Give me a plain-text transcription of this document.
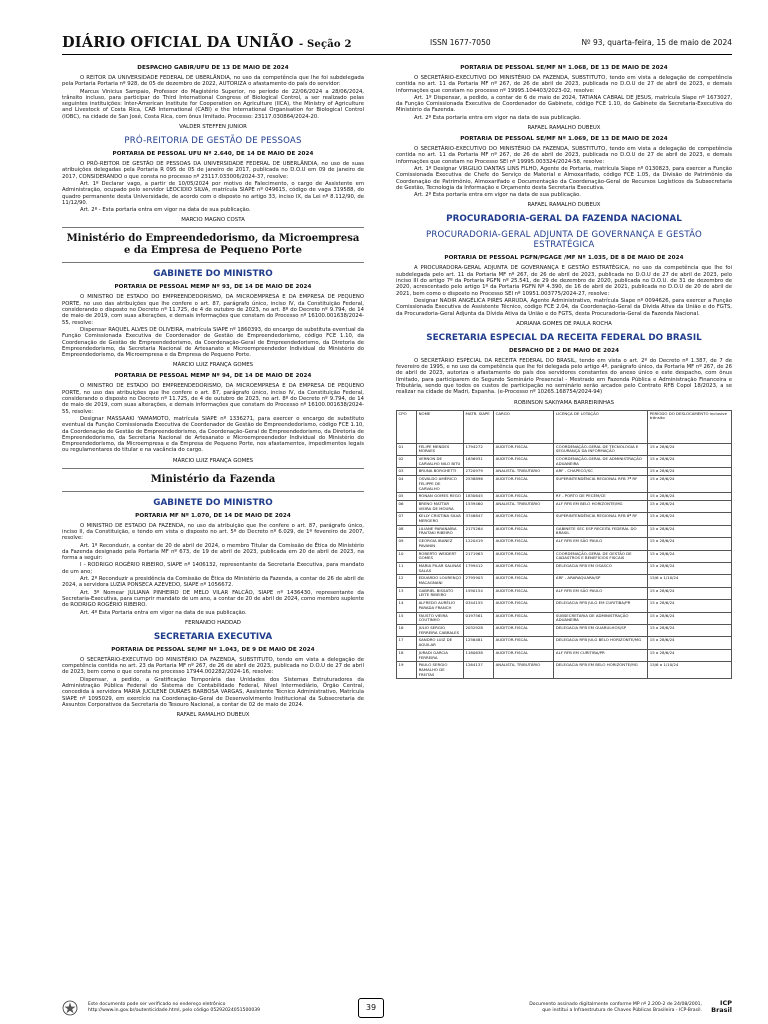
DIÁRIO OFICIAL DA UNIÃO - Seção 2	ISSN 1677-7050	Nº 93, quarta-feira, 15 de maio de 2024
DESPACHO GABIR/UFU DE 13 DE MAIO DE 2024

O REITOR DA UNIVERSIDADE FEDERAL DE UBERLÂNDIA, no uso da competência que lhe foi subdelegada pela Portaria Portaria nº 928, de 05 de dezembro de 2022, AUTORIZA o afastamento do país do servidor:

Marcus Vinicius Sampaio, Professor do Magistério Superior, no período de 22/06/2024 a 28/06/2024, trânsito incluso, para participar do Third International Congress of Biological Control, a ser realizado pelas seguintes instituições: Inter-American Institute for Cooperation on Agriculture (IICA), the Ministry of Agriculture and Livestock of Costa Rica, CAB International (CABI) e the International Organisation for Biological Control (IOBC), na cidade de San José, Costa Rica, com ônus limitado. Processo: 23117.030864/2024-20.

VALDER STEFFEN JUNIOR
PRÓ-REITORIA DE GESTÃO DE PESSOAS
PORTARIA DE PESSOAL UFU Nº 2.640, DE 14 DE MAIO DE 2024

O PRÓ-REITOR DE GESTÃO DE PESSOAS DA UNIVERSIDADE FEDERAL DE UBERLÂNDIA, no uso de suas atribuições delegadas pela Portaria R 095 de 05 de janeiro de 2017, publicada no D.O.U em 09 de janeiro de 2017, CONSIDERANDO o que consta no processo nº 23117.033006/2024-37, resolve:

Art. 1º Declarar vago, a partir de 10/05/2024 por motivo de Falecimento, o cargo de Assistente em Administração, ocupado pelo servidor LEOCIDIO SILVA, matrícula SIAPE nº 049615, código de vaga 319588, do quadro permanente desta Universidade, de acordo com o disposto no artigo 33, inciso IX, da Lei nº 8.112/90, de 11/12/90.

Art. 2º - Esta portaria entra em vigor na data de sua publicação.

MARCIO MAGNO COSTA
Ministério do Empreendedorismo, da Microempresa e da Empresa de Pequeno Porte
GABINETE DO MINISTRO
PORTARIA DE PESSOAL MEMP Nº 93, DE 14 DE MAIO DE 2024

O MINISTRO DE ESTADO DO EMPREENDEDORISMO, DA MICROEMPRESA E DA EMPRESA DE PEQUENO PORTE, no uso das atribuições que lhe confere o art. 87, parágrafo único, inciso IV, da Constituição Federal, considerando o disposto no Decreto nº 11.725, de 4 de outubro de 2023, no art. 8º do Decreto nº 9.794, de 14 de maio de 2019, com suas alterações, e demais informações que constam do Processo nº 16100.001638/2024-55, resolve:

Dispensar RAQUEL ALVES DE OLIVEIRA, matrícula SIAPE nº 1860393, do encargo de substituta eventual da Função Comissionada Executiva de Coordenador de Gestão de Empreendedorismo, código FCE 1.10, da Coordenação de Gestão de Empreendedorismo, da Coordenação-Geral de Empreendedorismo, da Diretoria de Empreendedorismo, da Secretaria Nacional de Artesanato e Microempreendedor Individual do Ministério do Empreendedorismo, da Microempresa e da Empresa de Pequeno Porte.

MÁRCIO LUIZ FRANÇA GOMES
PORTARIA DE PESSOAL MEMP Nº 94, DE 14 DE MAIO DE 2024

O MINISTRO DE ESTADO DO EMPREENDEDORISMO, DA MICROEMPRESA E DA EMPRESA DE PEQUENO PORTE, no uso das atribuições que lhe confere o art. 87, parágrafo único, inciso IV, da Constituição Federal, considerando o disposto no Decreto nº 11.725, de 4 de outubro de 2023, no art. 8º do Decreto nº 9.794, de 14 de maio de 2019, com suas alterações, e demais informações que constam do Processo nº 16100.001638/2024-55, resolve:

Designar MASSAAKI YAMAMOTO, matrícula SIAPE nº 1336271, para exercer o encargo de substituto eventual da Função Comissionada Executiva de Coordenador de Gestão de Empreendedorismo, código FCE 1.10, da Coordenação de Gestão de Empreendedorismo, da Coordenação-Geral de Empreendedorismo, da Diretoria de Empreendedorismo, da Secretaria Nacional de Artesanato e Microempreendedor Individual do Ministério do Empreendedorismo, da Microempresa e da Empresa de Pequeno Porte, nos afastamentos, impedimentos legais ou regulamentares do titular e na vacância do cargo.

MÁRCIO LUIZ FRANÇA GOMES
Ministério da Fazenda
GABINETE DO MINISTRO
PORTARIA MF Nº 1.070, DE 14 DE MAIO DE 2024

O MINISTRO DE ESTADO DA FAZENDA, no uso da atribuição que lhe confere o art. 87, parágrafo único, inciso II, da Constituição, e tendo em vista o disposto no art. 5º do Decreto nº 6.029, de 1º fevereiro de 2007, resolve:

Art. 1º Reconduzir, a contar de 20 de abril de 2024, o membro Titular da Comissão de Ética do Ministério da Fazenda designado pela Portaria MF nº 673, de 19 de abril de 2023, publicada em 20 de abril de 2023, na forma a seguir:

I - RODRIGO ROGÉRIO RIBEIRO, SIAPE nº 1406132, representante da Secretaria Executiva, para mandato de um ano;

Art. 2º Reconduzir a presidência da Comissão de Ética do Ministério da Fazenda, a contar de 26 de abril de 2024, a servidora LUZIA PONSECA AZEVEDO, SIAPE nº 1056672.

Art. 3º Nomear JULIANA PINHEIRO DE MELO VILAR FALCÃO, SIAPE nº 1436430, representante da Secretaria-Executiva, para cumprir mandato de um ano, a contar de 20 de abril de 2024, como membro suplente de RODRIGO ROGÉRIO RIBEIRO.

Art. 4º Esta Portaria entra em vigor na data de sua publicação.

FERNANDO HADDAD
SECRETARIA EXECUTIVA
PORTARIA DE PESSOAL SE/MF Nº 1.043, DE 9 DE MAIO DE 2024

O SECRETÁRIO-EXECUTIVO DO MINISTÉRIO DA FAZENDA, SUBSTITUTO, tendo em vista a delegação de competência contida no art. 23 da Portaria MF nº 267, de 26 de abril de 2023, publicada no D.O.U de 27 de abril de 2023, bem como o que consta no processo 17944.002282/2024-16, resolve:

Dispensar, a pedido, a Gratificação Temporária das Unidades dos Sistemas Estruturadores da Administração Pública Federal do Sistema de Contabilidade Federal, Nível Intermediário, Órgão Central, concedida à servidora MARIA JUCILENE DURAES BARBOSA VARGAS, Assistente Técnico Administrativo, Matrícula SIAPE nº 1095029, em exercício na Coordenação-Geral de Desenvolvimento Institucional da Subsecretaria de Assuntos Corporativos da Secretaria do Tesouro Nacional, a contar de 02 de maio de 2024.

RAFAEL RAMALHO DUBEUX
PORTARIA DE PESSOAL SE/MF Nº 1.068, DE 13 DE MAIO DE 2024

O SECRETÁRIO-EXECUTIVO DO MINISTÉRIO DA FAZENDA, SUBSTITUTO, tendo em vista a delegação de competência contida no art. 11 da Portaria MF nº 267, de 26 de abril de 2023, publicada no D.O.U de 27 de abril de 2023, e demais informações que constam no processo nº 19995.104403/2023-02, resolve:

Art. 1º Dispensar, a pedido, a contar de 6 de maio de 2024, TATIANA CABRAL DE JESUS, matrícula Siape nº 1673027, da Função Comissionada Executiva de Coordenador do Gabinete, código FCE 1.10, do Gabinete da Secretaria-Executiva do Ministério da Fazenda.

Art. 2º Esta portaria entra em vigor na data de sua publicação.

RAFAEL RAMALHO DUBEUX
PORTARIA DE PESSOAL SE/MF Nº 1.069, DE 13 DE MAIO DE 2024

O SECRETÁRIO-EXECUTIVO DO MINISTÉRIO DA FAZENDA, SUBSTITUTO, tendo em vista a delegação de competência contida no art. 11 da Portaria MF nº 267, de 26 de abril de 2023, publicada no D.O.U de 27 de abril de 2023, e demais informações que constam no Processo SEI nº 19995.003324/2024-58, resolve:

Art. 1º Designar VIRGILIO DANTAS LINS FILHO, Agente de Portaria, matrícula Siape nº 0130823, para exercer a Função Comissionada Executiva de Chefe do Serviço de Material e Almoxarifado, código FCE 1.05, da Divisão de Patrimônio da Coordenação de Patrimônio, Almoxarifado e Documentação da Coordenação-Geral de Recursos Logísticos da Subsecretaria de Gestão, Tecnologia da Informação e Orçamento desta Secretaria Executiva.

Art. 2º Esta portaria entra em vigor na data de sua publicação.

RAFAEL RAMALHO DUBEUX
PROCURADORIA-GERAL DA FAZENDA NACIONAL
PROCURADORIA-GERAL ADJUNTA DE GOVERNANÇA E GESTÃO ESTRATÉGICA
PORTARIA DE PESSOAL PGFN/PGAGE /MF Nº 1.035, DE 8 DE MAIO DE 2024

A PROCURADORA-GERAL ADJUNTA DE GOVERNANÇA E GESTÃO ESTRATÉGICA, no uso da competência que lhe foi subdelegada pelo art. 11 da Portaria MF nº 267, de 26 de abril de 2023, publicada no D.O.U de 27 de abril de 2023, pelo inciso III do artigo 7º da Portaria PGFN nº 25.541, de 29 de dezembro de 2020, publicada no D.O.U. de 31 de dezembro de 2020, acrescentado pelo artigo 1º da Portaria PGFN Nº 4.390, de 16 de abril de 2021, publicada no D.O.U de 20 de abril de 2021, bem como o disposto no Processo SEI nº 10951.003775/2024-27, resolve:

Designar NADIR ANGÉLICA PIRES ARRUDA, Agente Administrativo, matrícula Siape nº 0094626, para exercer a Função Comissionada Executiva de Assistente Técnico, código FCE 2.04, da Coordenação-Geral da Dívida Ativa da União e do FGTS, da Procuradoria-Geral Adjunta da Dívida Ativa da União e do FGTS, desta Procuradoria-Geral da Fazenda Nacional.

ADRIANA GOMES DE PAULA ROCHA
SECRETARIA ESPECIAL DA RECEITA FEDERAL DO BRASIL
DESPACHO DE 2 DE MAIO DE 2024

O SECRETÁRIO ESPECIAL DA RECEITA FEDERAL DO BRASIL, tendo em vista o art. 2º do Decreto nº 1.387, de 7 de fevereiro de 1995, e no uso da competência que lhe foi delegada pelo artigo 4º, parágrafo único, da Portaria MF nº 267, de 26 de abril de 2023, autoriza o afastamento do país dos servidores constantes do anexo único e este despacho, com ônus limitado, para participarem do Segundo Seminário Presencial - Mestrado em Fazenda Pública e Administração Financeira e Tributária, sendo que todos os custos de participação no seminário serão arcados pelo Contrato RFB Copol 18/2023, a se realizar na cidade de Madri, Espanha. (e-Processo nº 10265.168754/2024-94)

ROBINSON SAKIYAMA BARREIRINHAS
CPO	NOME	MATR. SIAPE	CARGO	LICENÇA DE LOTAÇÃO	PERÍODO DO DESLOCAMENTO inclusive trânsito
01	FELIPE MENDES MORAES	1794272	AUDITOR-FISCAL	COORDENAÇÃO-GERAL DE TECNOLOGIA E SEGURANÇA DA INFORMAÇÃO	15 a 28/6/24
02	VERNON DE CARVALHO NILO BITU	1636931	AUDITOR-FISCAL	COORDENAÇÃO-GERAL DE ADMINISTRAÇÃO ADUANEIRA	15 a 28/6/24
03	BRUNA BORGHETTI	2720979	ANALISTA- TRIBUTÁRIO	ARF - CHAPECÓ/SC	15 a 28/6/24
04	OSVALDO AMÉRICO FELIPPE DE CARVALHO	2538896	AUDITOR-FISCAL	SUPERINTENDÊNCIA REGIONAL RFB 7ª RF	15 a 28/6/24
05	RONAN GOMES REGO	1830645	AUDITOR-FISCAL	RF - PORTO DE PECÉM/CE	15 a 28/6/24
06	BRENO MATTAR VIEIRA DE MOURA	1539460	ANALISTA- TRIBUTÁRIO	ALF RFB EM BELO HORIZONTE/MG	15 a 28/6/24
07	KELLY CRISTINA SILVA MERGERO	3746847	AUDITOR-FISCAL	SUPERINTENDÊNCIA REGIONAL RFB 8ª RF	15 a 28/6/24
08	LILIANE PARANAÍBA FRAITAKI RIBEIRO	2175264	AUDITOR-FISCAL	GABINETE SEC ESP RECEITA FEDERAL DO BRASIL	15 a 28/6/24
09	GEORGIA IBANEZ PAVANIN	1220419	AUDITOR-FISCAL	ALF RFB EM SÃO PAULO	15 a 28/6/24
10	ROBERTO WEIDERT GOMES	2171963	AUDITOR-FISCAL	COORDENAÇÃO-GERAL DE GESTÃO DE CADASTROS E BENEFÍCIOS FISCAIS	15 a 28/6/24
11	MARIA PILAR SALINAS SALAS	1799412	AUDITOR-FISCAL	DELEGACIA RFB EM OSASCO	15 a 28/6/24
12	EDUARDO LOURENÇO MACAGNANI	2795903	AUDITOR-FISCAL	ARF - ARARAQUARA/SP	15/6 a 1/10/24
13	GABRIEL BISSATO LEITE RIBEIRO	1590154	AUDITOR-FISCAL	ALF RFB EM SÃO PAULO	15 a 28/6/24
14	ALFREDO AURÉLIO PARADA FRANCH	0344155	AUDITOR-FISCAL	DELEGACIA RFB JULG EM CURITIBA/PR	15 a 28/6/24
15	FAUSTO VIEIRA COUTINHO	0197561	AUDITOR-FISCAL	SUBSECRETARIA DE ADMINISTRAÇÃO ADUANEIRA	15 a 28/6/24
16	JULIO SERGIO FERREIRA CABRALES	2032928	AUDITOR-FISCAL	DELEGACIA RFB EM GUARULHOS/SP	15 a 28/6/24
17	SANDRO LUIZ DE AGUILAR	1256481	AUDITOR-FISCAL	DELEGACIA RFB JULG BELO HORIZONTE/MG	15 a 28/6/24
18	JURADI GARCIA FERREIRA	1180638	AUDITOR-FISCAL	ALF RFB EM CURITIBA/PR	15 a 28/6/24
19	PAULO SERGIO RAMALHO DE FREITAS	1264137	ANALISTA- TRIBUTÁRIO	DELEGACIA RFB EM BELO HORIZONTE/MG	15/6 a 1/10/24
Este documento pode ser verificado no endereço eletrônico
http://www.in.gov.br/autenticidade.html, pelo código 05292024051500039	39	Documento assinado digitalmente conforme MP nº 2.200-2 de 24/08/2001,
que institui a Infraestrutura de Chaves Públicas Brasileira - ICP-Brasil.
ICP
Brasil
